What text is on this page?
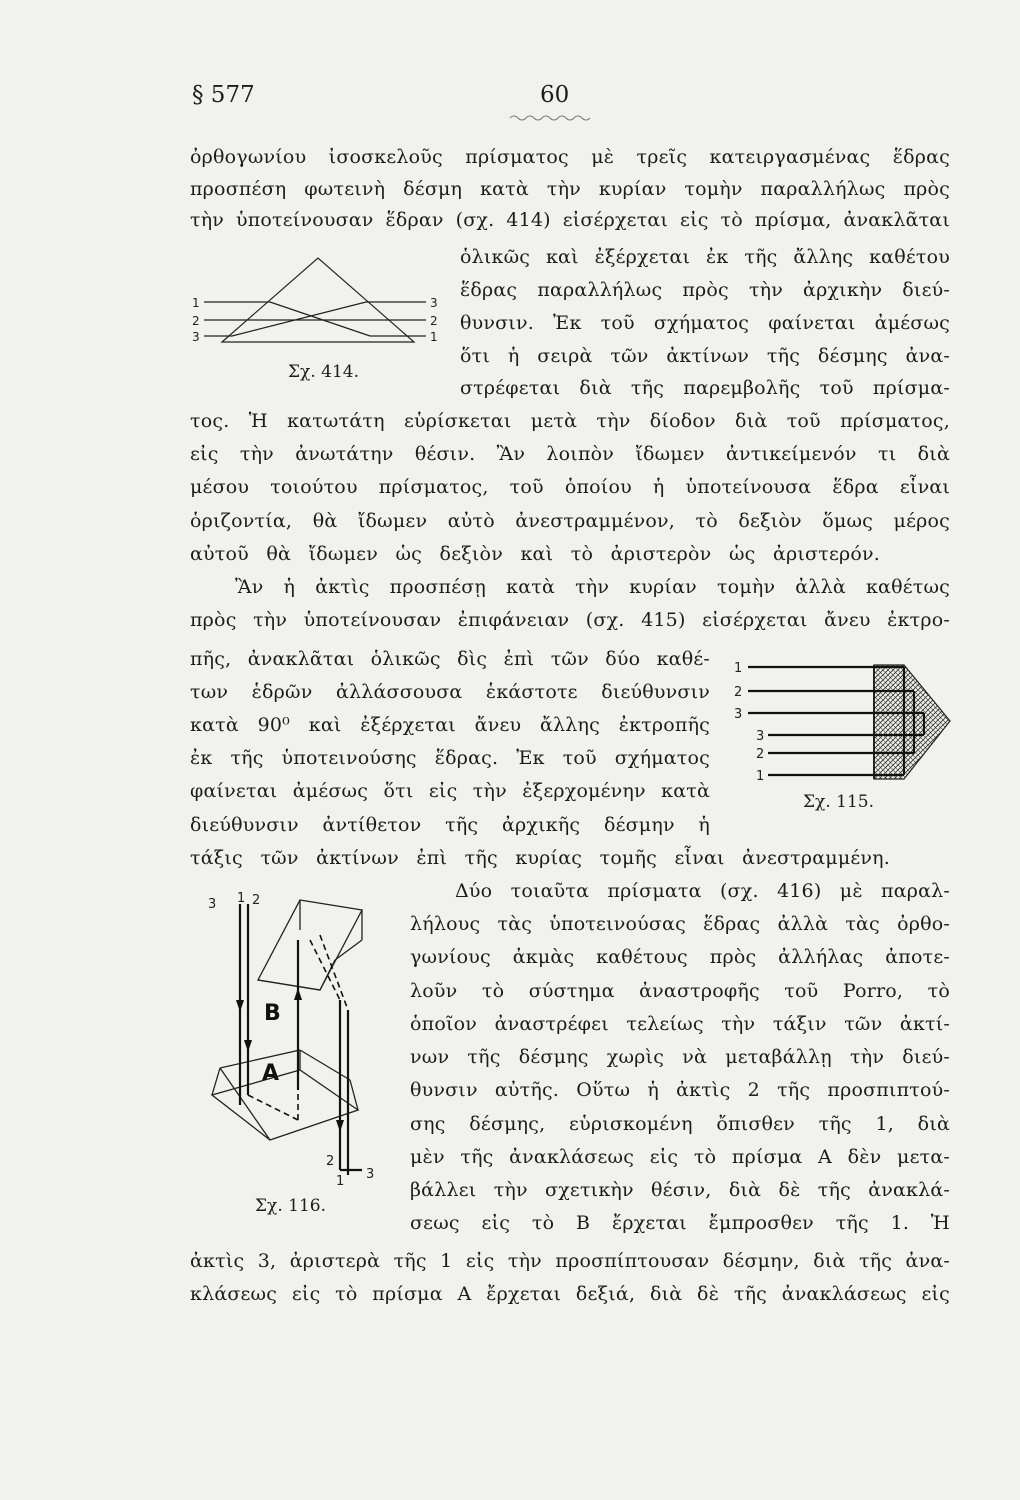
§ 577	60
ὀρθογωνίου ἰσοσκελοῦς πρίσματος μὲ τρεῖς κατειργασμένας ἕδρας
προσπέση φωτεινὴ δέσμη κατὰ τὴν κυρίαν τομὴν παραλλήλως πρὸς
τὴν ὑποτείνουσαν ἕδραν (σχ. 414) εἰσέρχεται εἰς τὸ πρίσμα, ἀνακλᾶται
ὁλικῶς καὶ ἐξέρχεται ἐκ τῆς ἄλλης καθέτου
ἕδρας παραλλήλως πρὸς τὴν ἀρχικὴν διεύ-
θυνσιν. Ἐκ τοῦ σχήματος φαίνεται ἀμέσως
ὅτι ἡ σειρὰ τῶν ἀκτίνων τῆς δέσμης ἀνα-
στρέφεται διὰ τῆς παρεμβολῆς τοῦ πρίσμα-
τος. Ἡ κατωτάτη εὑρίσκεται μετὰ τὴν δίοδον διὰ τοῦ πρίσματος,
εἰς τὴν ἀνωτάτην θέσιν. Ἂν λοιπὸν ἴδωμεν ἀντικείμενόν τι διὰ
μέσου τοιούτου πρίσματος, τοῦ ὁποίου ἡ ὑποτείνουσα ἕδρα εἶναι
ὁριζοντία, θὰ ἴδωμεν αὐτὸ ἀνεστραμμένον, τὸ δεξιὸν ὅμως μέρος
αὐτοῦ θὰ ἴδωμεν ὡς δεξιὸν καὶ τὸ ἀριστερὸν ὡς ἀριστερόν.
Ἂν ἡ ἀκτὶς προσπέσῃ κατὰ τὴν κυρίαν τομὴν ἀλλὰ καθέτως
πρὸς τὴν ὑποτείνουσαν ἐπιφάνειαν (σχ. 415) εἰσέρχεται ἄνευ ἐκτρο-
πῆς, ἀνακλᾶται ὁλικῶς δὶς ἐπὶ τῶν δύο καθέ-
των ἑδρῶν ἀλλάσσουσα ἑκάστοτε διεύθυνσιν
κατὰ 90⁰ καὶ ἐξέρχεται ἄνευ ἄλλης ἐκτροπῆς
ἐκ τῆς ὑποτεινούσης ἕδρας. Ἐκ τοῦ σχήματος
φαίνεται ἀμέσως ὅτι εἰς τὴν ἐξερχομένην κατὰ
διεύθυνσιν ἀντίθετον τῆς ἀρχικῆς δέσμην ἡ
τάξις τῶν ἀκτίνων ἐπὶ τῆς κυρίας τομῆς εἶναι ἀνεστραμμένη.
Δύο τοιαῦτα πρίσματα (σχ. 416) μὲ παραλ-
λήλους τὰς ὑποτεινούσας ἕδρας ἀλλὰ τὰς ὀρθο-
γωνίους ἀκμὰς καθέτους πρὸς ἀλλήλας ἀποτε-
λοῦν τὸ σύστημα ἀναστροφῆς τοῦ Porro, τὸ
ὁποῖον ἀναστρέφει τελείως τὴν τάξιν τῶν ἀκτί-
νων τῆς δέσμης χωρὶς νὰ μεταβάλλῃ τὴν διεύ-
θυνσιν αὐτῆς. Οὕτω ἡ ἀκτὶς 2 τῆς προσπιπτού-
σης δέσμης, εὑρισκομένη ὄπισθεν τῆς 1, διὰ
μὲν τῆς ἀνακλάσεως εἰς τὸ πρίσμα Α δὲν μετα-
βάλλει τὴν σχετικὴν θέσιν, διὰ δὲ τῆς ἀνακλά-
σεως εἰς τὸ Β ἔρχεται ἔμπροσθεν τῆς 1. Ἡ
ἀκτὶς 3, ἀριστερὰ τῆς 1 εἰς τὴν προσπίπτουσαν δέσμην, διὰ τῆς ἀνα-
κλάσεως εἰς τὸ πρίσμα Α ἔρχεται δεξιά, διὰ δὲ τῆς ἀνακλάσεως εἰς
1
2
3
3
2
1
Σχ. 414.
1
2
3
3
2
1
Σχ. 115.
3 1 2
2
1 3
B
A
Σχ. 116.
